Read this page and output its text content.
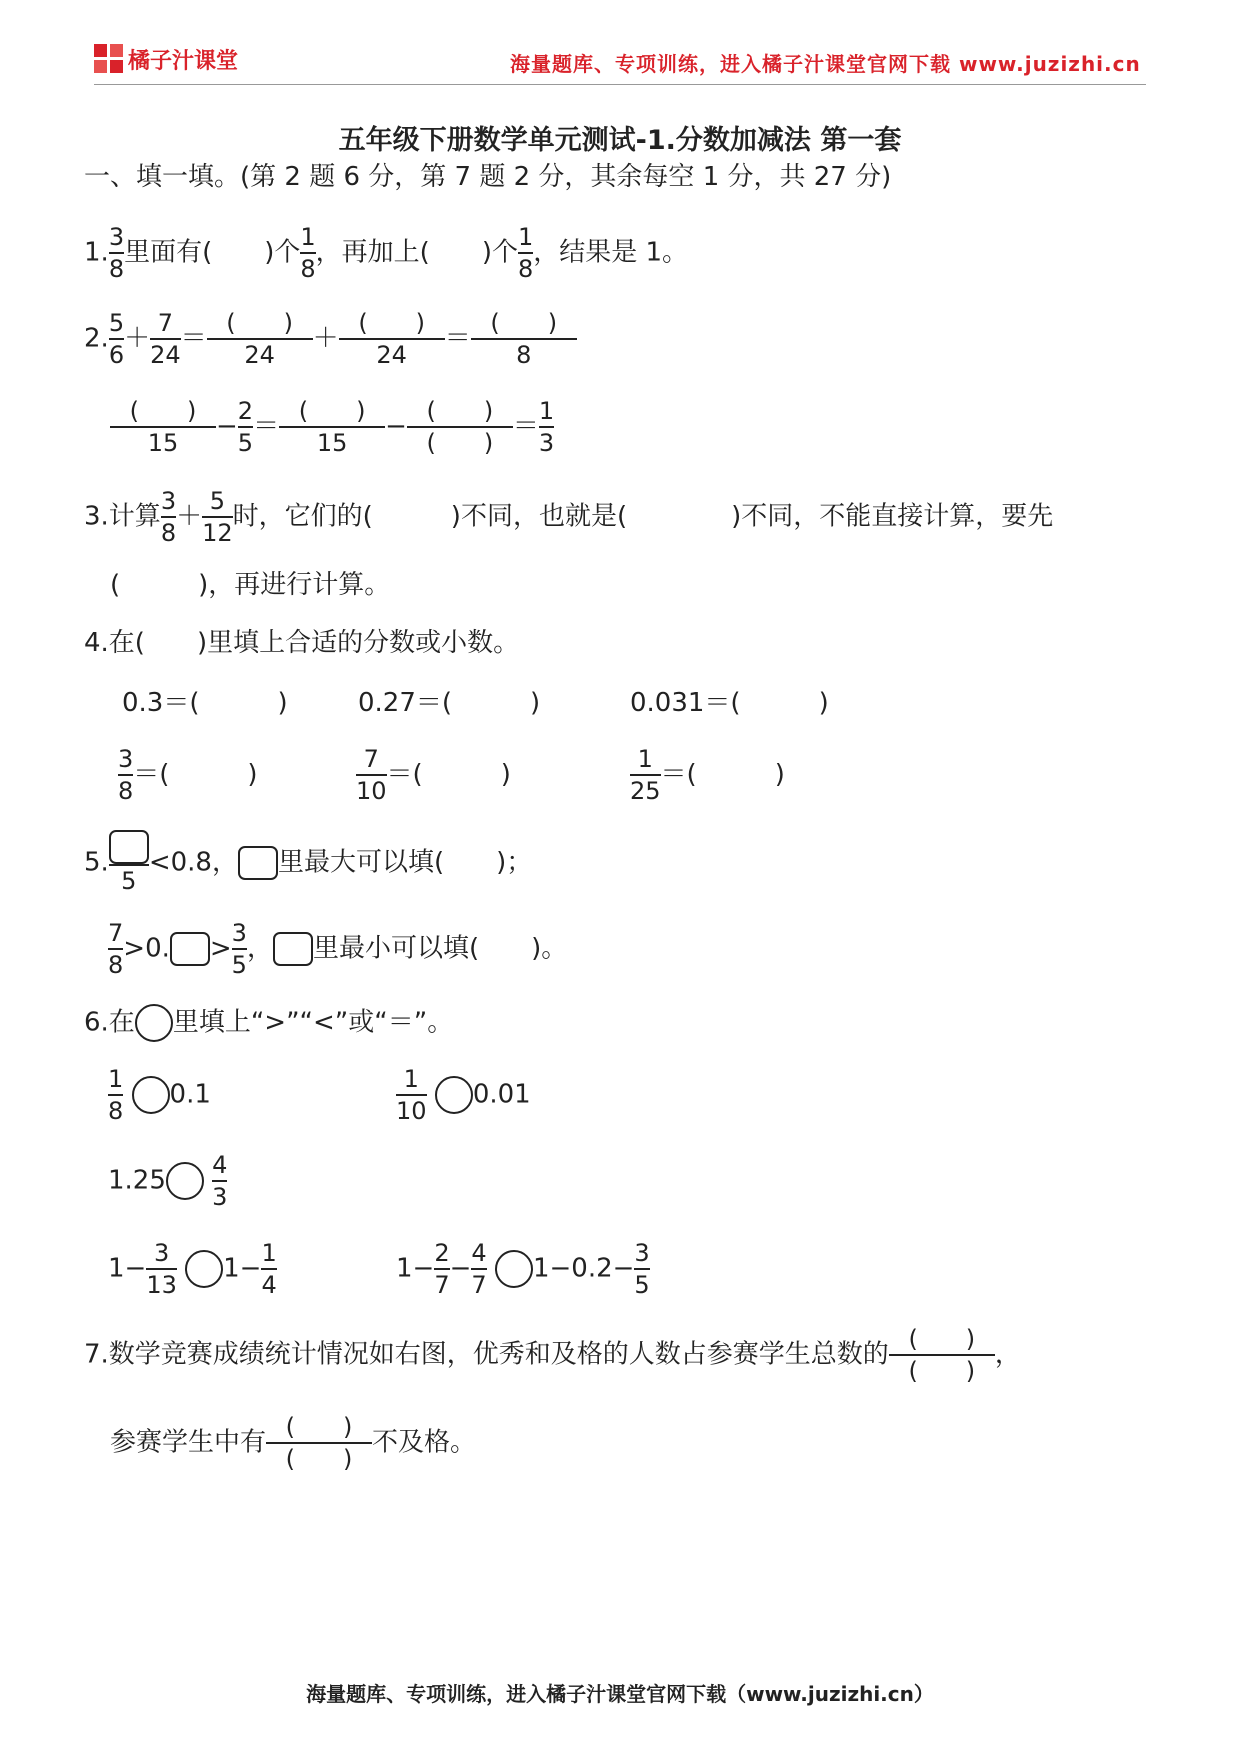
橘子汁课堂	海量题库、专项训练，进入橘子汁课堂官网下载 www.juzizhi.cn
五年级下册数学单元测试-1.分数加减法 第一套
一、填一填。(第 2 题 6 分，第 7 题 2 分，其余每空 1 分，共 27 分)
1. $\frac{3}{8}$ 里面有(　　)个 $\frac{1}{8}$ ，再加上(　　)个 $\frac{1}{8}$ ，结果是 1。
2. $\frac{5}{6} + \frac{7}{24} = \frac{( )}{24} + \frac{( )}{24} = \frac{( )}{8}$
$\frac{( )}{15} - \frac{2}{5} = \frac{( )}{15} - \frac{( )}{( )} = \frac{1}{3}$
3.计算 $\frac{3}{8} + \frac{5}{12}$ 时，它们的(　　　)不同，也就是(　　　　)不同，不能直接计算，要先
(　　　)，再进行计算。
4.在(　　)里填上合适的分数或小数。
0.3＝(　　　)	0.27＝(　　　)	0.031＝(　　　)
$\frac{3}{8}$ ＝(　　　)	$\frac{7}{10}$ ＝(　　　)	$\frac{1}{25}$ ＝(　　　)
5.
5
<0.8， 里最大可以填(　　)；
$\frac{7}{8} >0$. > $\frac{3}{5}$ ， 里最小可以填(　　)。
6.在 里填上“>”“<”或“＝”。
$\frac{1}{8} 0.1$	$\frac{1}{10} 0.01$
$1.25 \frac{4}{3}$
$1- \frac{3}{13} 1- \frac{1}{4}$	$1- \frac{2}{7} - \frac{4}{7} 1-0.2- \frac{3}{5}$
7.数学竞赛成绩统计情况如右图，优秀和及格的人数占参赛学生总数的 $\frac{( )}{( )}$ ，
参赛学生中有 $\frac{( )}{( )}$ 不及格。
海量题库、专项训练，进入橘子汁课堂官网下载（www.juzizhi.cn）
